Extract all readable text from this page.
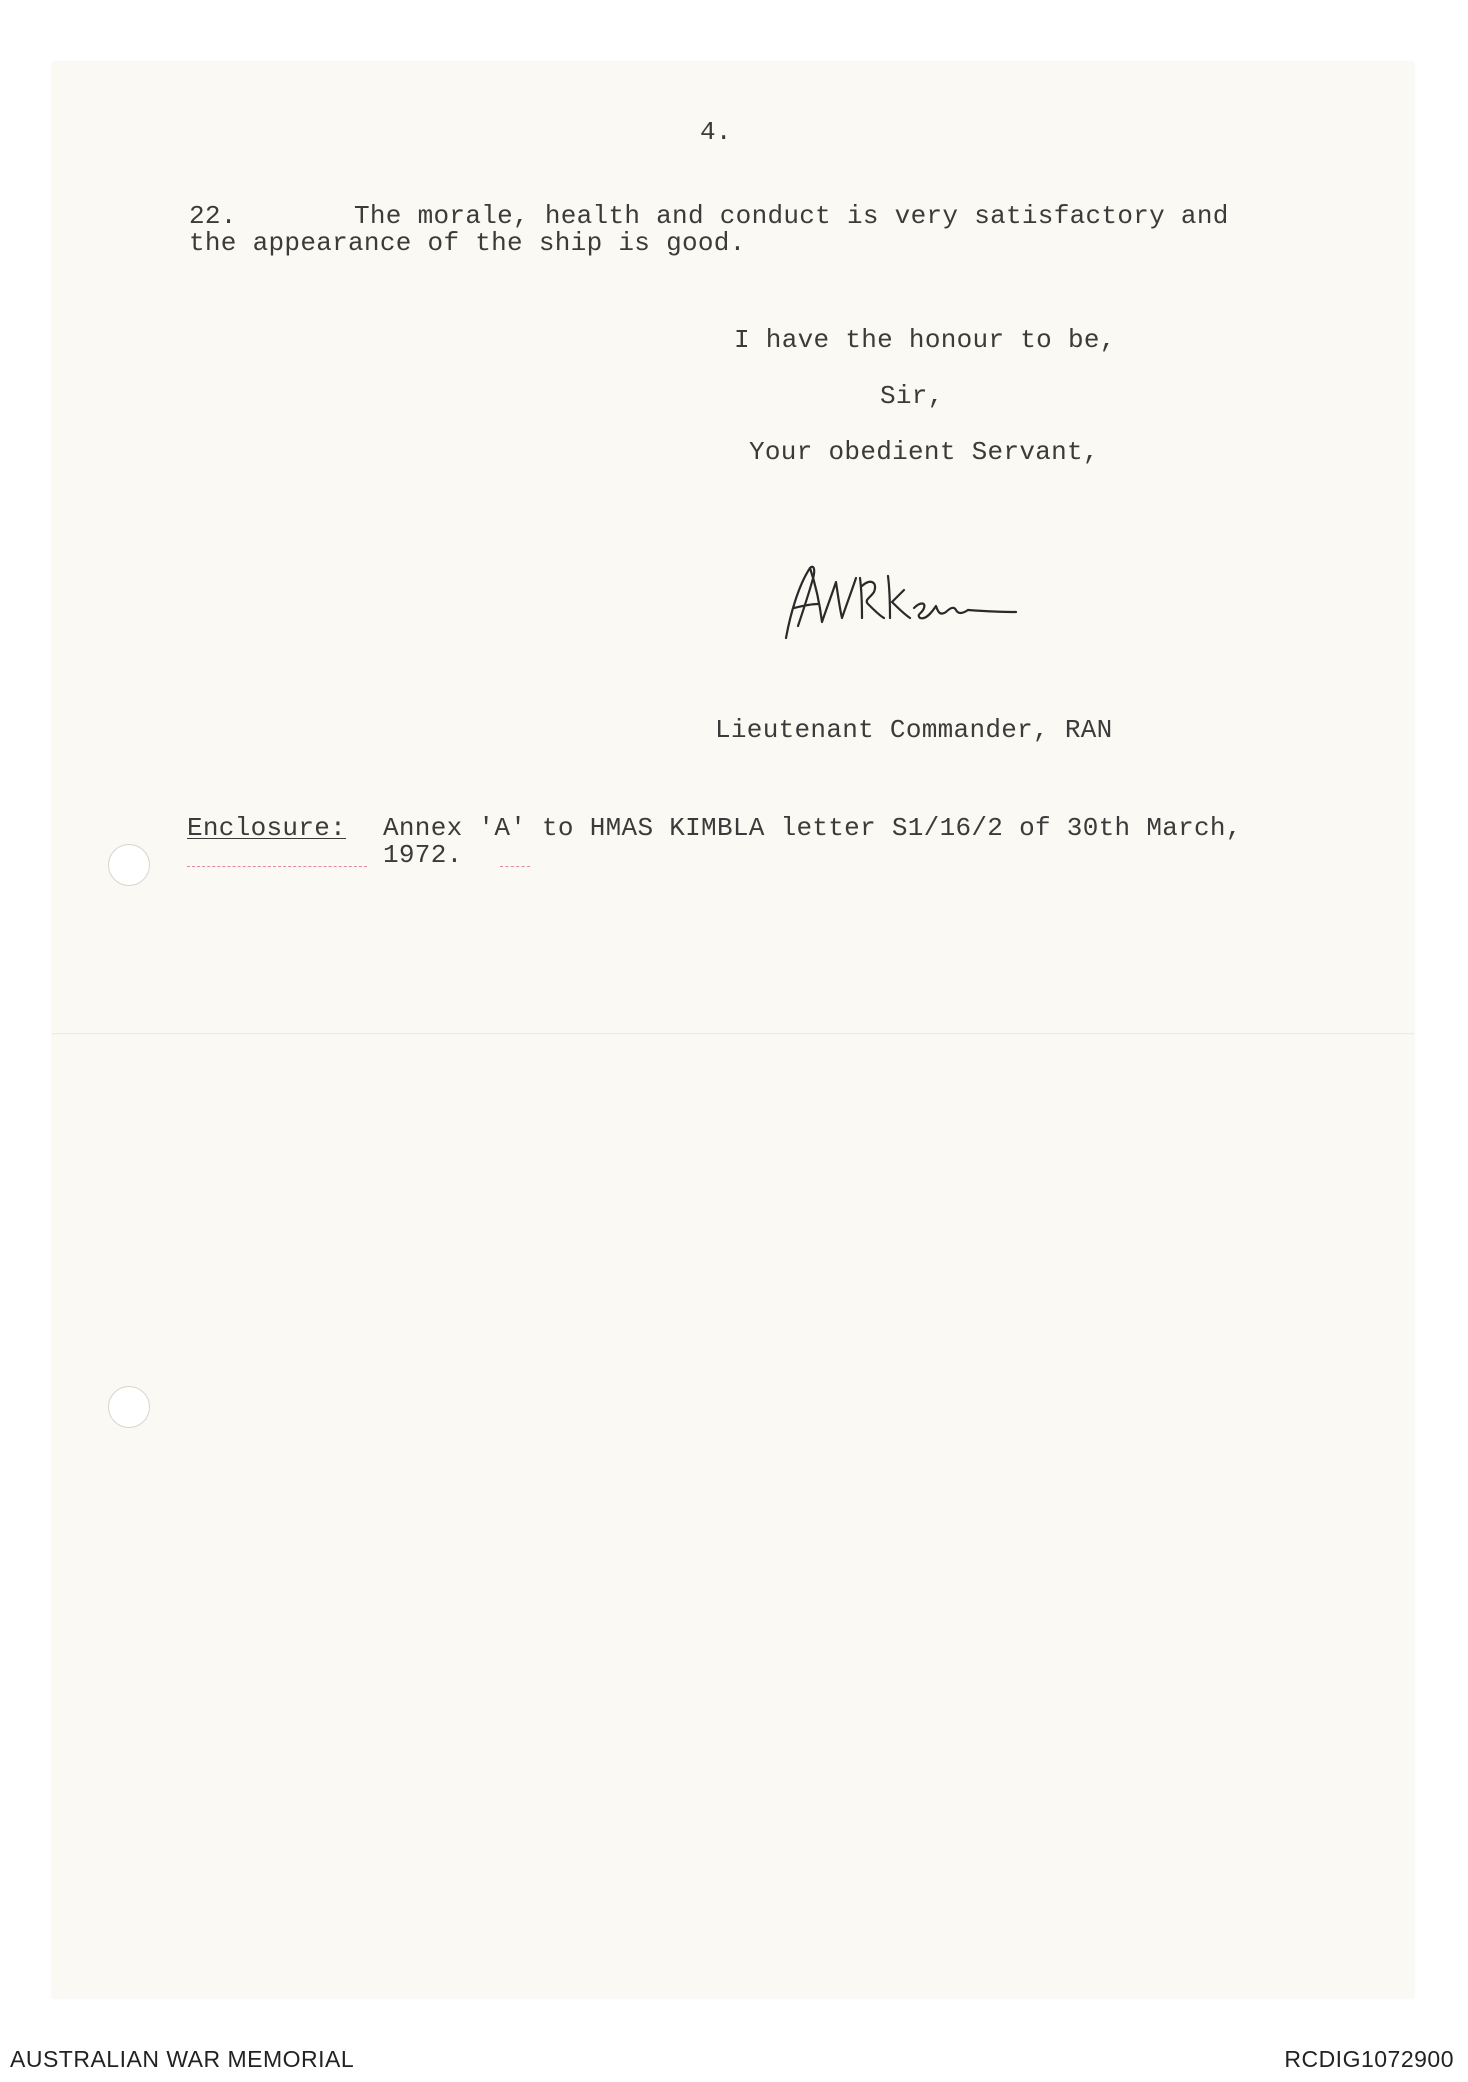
4.
22.	The morale, health and conduct is very satisfactory and
the appearance of the ship is good.
I have the honour to be,
Sir,
Your obedient Servant,
Lieutenant Commander, RAN
Enclosure: Annex 'A' to HMAS KIMBLA letter S1/16/2 of 30th March,
1972.
AUSTRALIAN WAR MEMORIAL	RCDIG1072900
